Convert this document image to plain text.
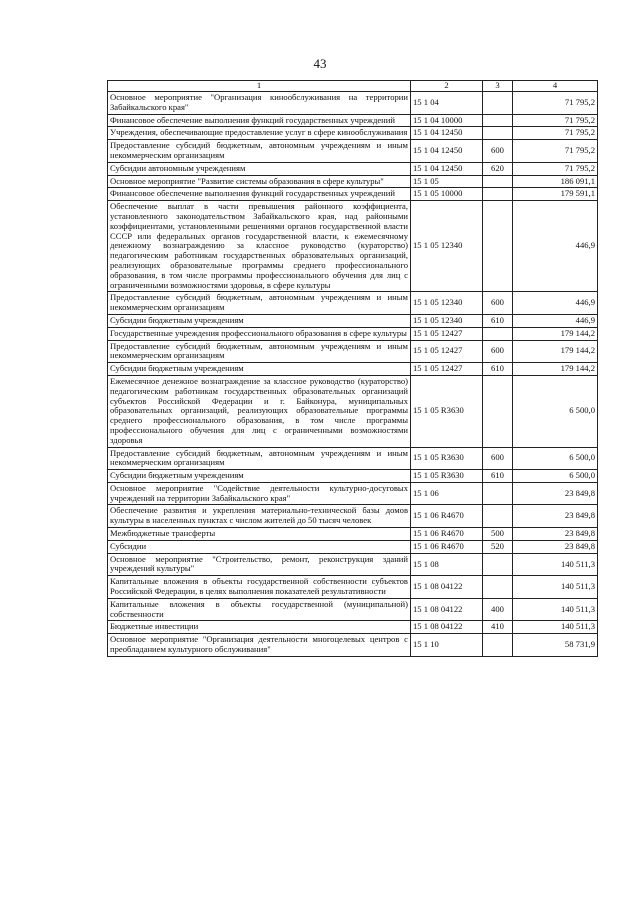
43
1	2	3	4
Основное мероприятие "Организация кинообслуживания на территории Забайкальского края"	15 1 04		71 795,2
Финансовое обеспечение выполнения функций государственных учреждений	15 1 04 10000		71 795,2
Учреждения, обеспечивающие предоставление услуг в сфере кинообслуживания	15 1 04 12450		71 795,2
Предоставление субсидий бюджетным, автономным учреждениям и иным некоммерческим организациям	15 1 04 12450	600	71 795,2
Субсидии автономным учреждениям	15 1 04 12450	620	71 795,2
Основное мероприятие "Развитие системы образования в сфере культуры"	15 1 05		186 091,1
Финансовое обеспечение выполнения функций государственных учреждений	15 1 05 10000		179 591,1
Обеспечение выплат в части превышения районного коэффициента, установленного законодательством Забайкальского края, над районными коэффициентами, установленными решениями органов государственной власти СССР или федеральных органов государственной власти, к ежемесячному денежному вознаграждению за классное руководство (кураторство) педагогическим работникам государственных образовательных организаций, реализующих образовательные программы среднего профессионального образования, в том числе программы профессионального обучения для лиц с ограниченными возможностями здоровья, в сфере культуры	15 1 05 12340		446,9
Предоставление субсидий бюджетным, автономным учреждениям и иным некоммерческим организациям	15 1 05 12340	600	446,9
Субсидии бюджетным учреждениям	15 1 05 12340	610	446,9
Государственные учреждения профессионального образования в сфере культуры	15 1 05 12427		179 144,2
Предоставление субсидий бюджетным, автономным учреждениям и иным некоммерческим организациям	15 1 05 12427	600	179 144,2
Субсидии бюджетным учреждениям	15 1 05 12427	610	179 144,2
Ежемесячное денежное вознаграждение за классное руководство (кураторство) педагогическим работникам государственных образовательных организаций субъектов Российской Федерации и г. Байконура, муниципальных образовательных организаций, реализующих образовательные программы среднего профессионального образования, в том числе программы профессионального обучения для лиц с ограниченными возможностями здоровья	15 1 05 R3630		6 500,0
Предоставление субсидий бюджетным, автономным учреждениям и иным некоммерческим организациям	15 1 05 R3630	600	6 500,0
Субсидии бюджетным учреждениям	15 1 05 R3630	610	6 500,0
Основное мероприятие "Содействие деятельности культурно-досуговых учреждений на территории Забайкальского края"	15 1 06		23 849,8
Обеспечение развития и укрепления материально-технической базы домов культуры в населенных пунктах с числом жителей до 50 тысяч человек	15 1 06 R4670		23 849,8
Межбюджетные трансферты	15 1 06 R4670	500	23 849,8
Субсидии	15 1 06 R4670	520	23 849,8
Основное мероприятие "Строительство, ремонт, реконструкция зданий учреждений культуры"	15 1 08		140 511,3
Капитальные вложения в объекты государственной собственности субъектов Российской Федерации, в целях выполнения показателей результативности	15 1 08 04122		140 511,3
Капитальные вложения в объекты государственной (муниципальной) собственности	15 1 08 04122	400	140 511,3
Бюджетные инвестиции	15 1 08 04122	410	140 511,3
Основное мероприятие "Организация деятельности многоцелевых центров с преобладанием культурного обслуживания"	15 1 10		58 731,9
